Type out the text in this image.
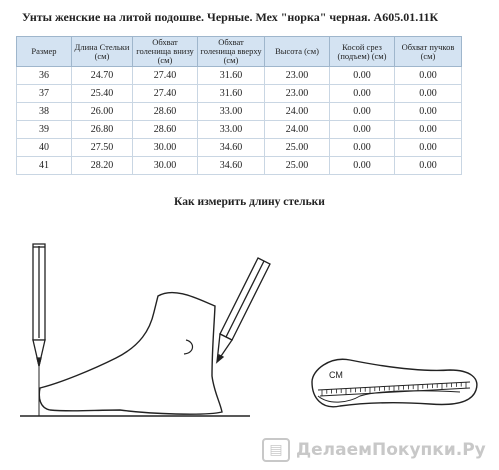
Унты женские на литой подошве. Черные. Мех "норка" черная. А605.01.11К
Размер	Длина Стельки (см)	Обхват голенища внизу (см)	Обхват голенища вверху (см)	Высота (см)	Косой срез (подъем) (см)	Обхват пучков (см)
36	24.70	27.40	31.60	23.00	0.00	0.00
37	25.40	27.40	31.60	23.00	0.00	0.00
38	26.00	28.60	33.00	24.00	0.00	0.00
39	26.80	28.60	33.00	24.00	0.00	0.00
40	27.50	30.00	34.60	25.00	0.00	0.00
41	28.20	30.00	34.60	25.00	0.00	0.00
Как измерить длину стельки
СМ
▤ ДелаемПокупки.Ру
